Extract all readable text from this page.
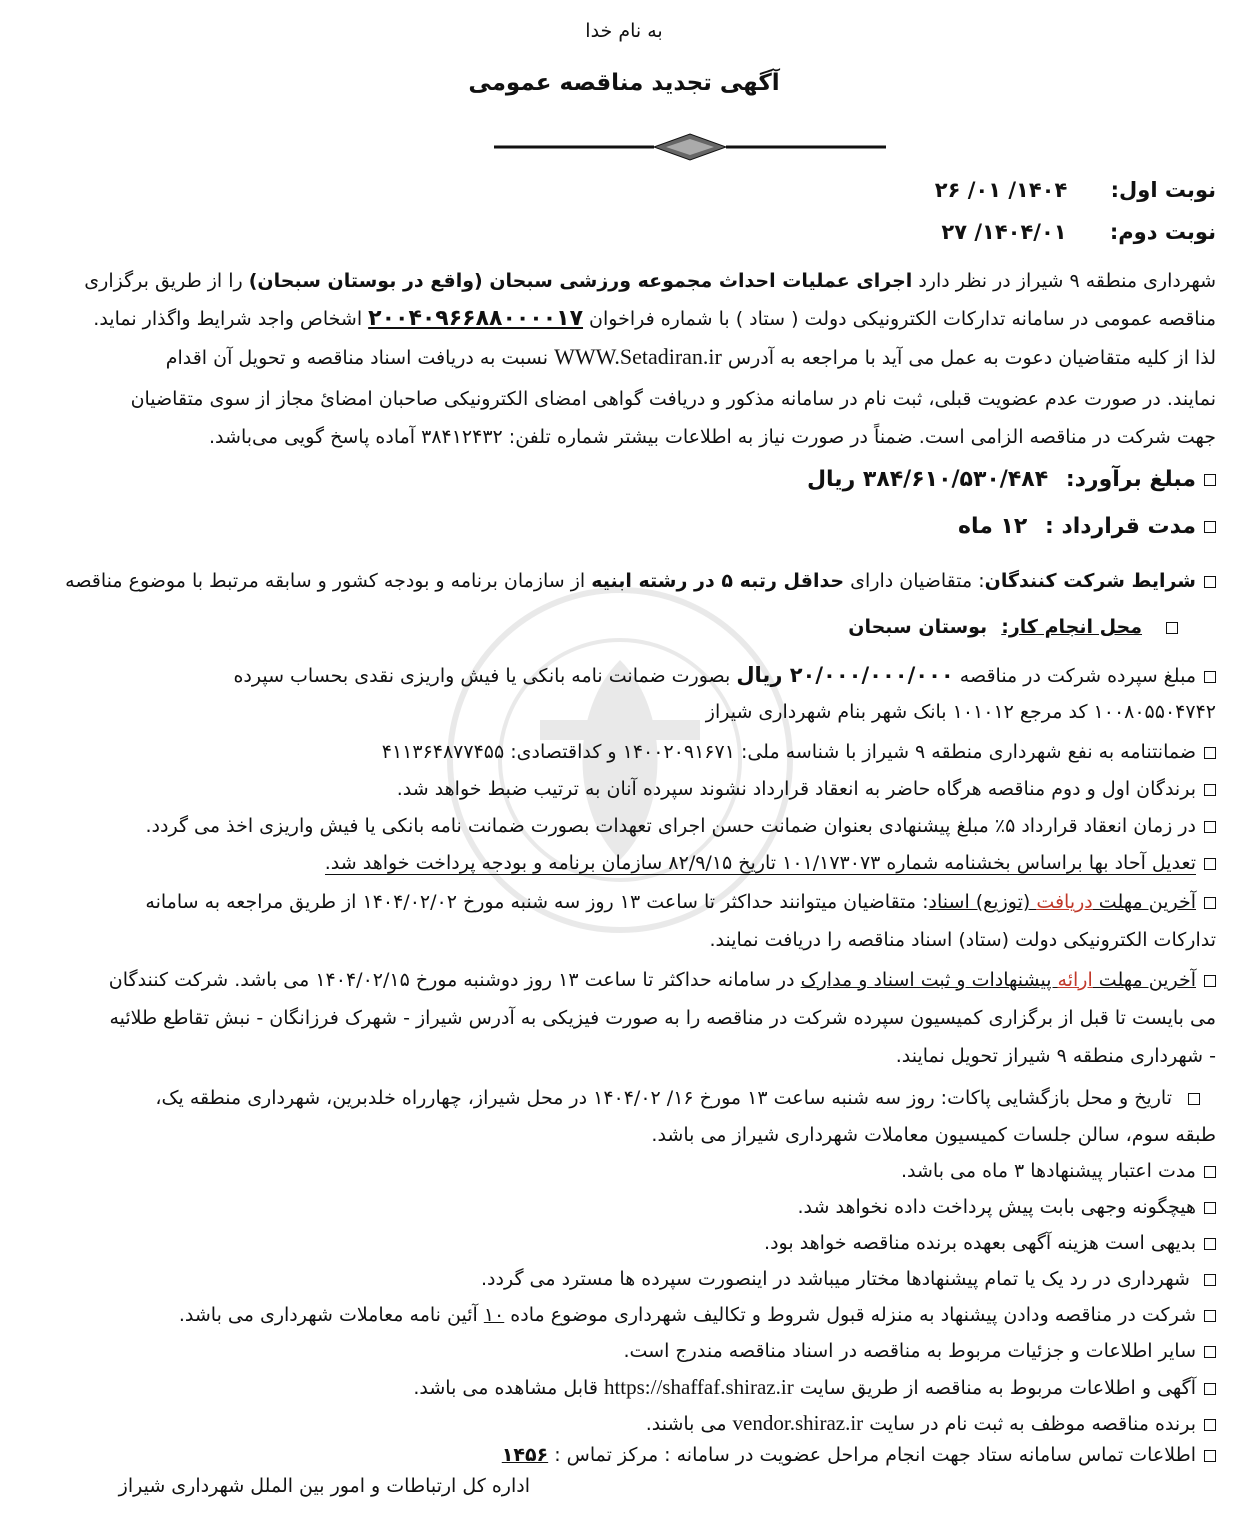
به نام خدا
آگهی تجدید مناقصه عمومی
نوبت اول: ۱۴۰۴/ ۰۱/ ۲۶
نوبت دوم: ۱۴۰۴/۰۱/ ۲۷
شهرداری منطقه ۹ شیراز در نظر دارد اجرای عملیات احداث مجموعه ورزشی سبحان (واقع در بوستان سبحان) را از طریق برگزاری
مناقصه عمومی در سامانه تدارکات الکترونیکی دولت ( ستاد ) با شماره فراخوان ۲۰۰۴۰۹۶۶۸۸۰۰۰۰۱۷ اشخاص واجد شرایط واگذار نماید.
لذا از کلیه متقاضیان دعوت به عمل می آید با مراجعه به آدرس WWW.Setadiran.ir نسبت به دریافت اسناد مناقصه و تحویل آن اقدام
نمایند. در صورت عدم عضویت قبلی، ثبت نام در سامانه مذکور و دریافت گواهی امضای الکترونیکی صاحبان امضائ مجاز از سوی متقاضیان
جهت شرکت در مناقصه الزامی است. ضمناً در صورت نیاز به اطلاعات بیشتر شماره تلفن: ۳۸۴۱۲۴۳۲ آماده پاسخ گویی می‌باشد.
مبلغ برآورد: ۳۸۴/۶۱۰/۵۳۰/۴۸۴ ریال
مدت قرارداد : ۱۲ ماه
شرایط شرکت کنندگان: متقاضیان دارای حداقل رتبه ۵ در رشته ابنیه از سازمان برنامه و بودجه کشور و سابقه مرتبط با موضوع مناقصه
محل انجام کار: بوستان سبحان
مبلغ سپرده شرکت در مناقصه ۲۰/۰۰۰/۰۰۰/۰۰۰ ریال بصورت ضمانت نامه بانکی یا فیش واریزی نقدی بحساب سپرده
۱۰۰۸۰۵۵۰۴۷۴۲ کد مرجع ۱۰۱۰۱۲ بانک شهر بنام شهرداری شیراز
ضمانتنامه به نفع شهرداری منطقه ۹ شیراز با شناسه ملی: ۱۴۰۰۲۰۹۱۶۷۱ و کداقتصادی: ۴۱۱۳۶۴۸۷۷۴۵۵
برندگان اول و دوم مناقصه هرگاه حاضر به انعقاد قرارداد نشوند سپرده آنان به ترتیب ضبط خواهد شد.
در زمان انعقاد قرارداد ۵٪ مبلغ پیشنهادی بعنوان ضمانت حسن اجرای تعهدات بصورت ضمانت نامه بانکی یا فیش واریزی اخذ می گردد.
تعدیل آحاد بها براساس بخشنامه شماره ۱۰۱/۱۷۳۰۷۳ تاریخ ۸۲/۹/۱۵ سازمان برنامه و بودجه پرداخت خواهد شد.
آخرین مهلت دریافت (توزیع) اسناد: متقاضیان میتوانند حداکثر تا ساعت ۱۳ روز سه شنبه مورخ ۱۴۰۴/۰۲/۰۲ از طریق مراجعه به سامانه
تدارکات الکترونیکی دولت (ستاد) اسناد مناقصه را دریافت نمایند.
آخرین مهلت ارائه پیشنهادات و ثبت اسناد و مدارک در سامانه حداکثر تا ساعت ۱۳ روز دوشنبه مورخ ۱۴۰۴/۰۲/۱۵ می باشد. شرکت کنندگان
می بایست تا قبل از برگزاری کمیسیون سپرده شرکت در مناقصه را به صورت فیزیکی به آدرس شیراز - شهرک فرزانگان - نبش تقاطع طلائیه
- شهرداری منطقه ۹ شیراز تحویل نمایند.
تاریخ و محل بازگشایی پاکات: روز سه شنبه ساعت ۱۳ مورخ ۱۶/ ۱۴۰۴/۰۲ در محل شیراز، چهارراه خلدبرین، شهرداری منطقه یک،
طبقه سوم، سالن جلسات کمیسیون معاملات شهرداری شیراز می باشد.
مدت اعتبار پیشنهادها ۳ ماه می باشد.
هیچگونه وجهی بابت پیش پرداخت داده نخواهد شد.
بدیهی است هزینه آگهی بعهده برنده مناقصه خواهد بود.
شهرداری در رد یک یا تمام پیشنهادها مختار میباشد در اینصورت سپرده ها مسترد می گردد.
شرکت در مناقصه ودادن پیشنهاد به منزله قبول شروط و تکالیف شهرداری موضوع ماده ۱۰ آئین نامه معاملات شهرداری می باشد.
سایر اطلاعات و جزئیات مربوط به مناقصه در اسناد مناقصه مندرج است.
آگهی و اطلاعات مربوط به مناقصه از طریق سایت https://shaffaf.shiraz.ir قابل مشاهده می باشد.
برنده مناقصه موظف به ثبت نام در سایت vendor.shiraz.ir می باشند.
اطلاعات تماس سامانه ستاد جهت انجام مراحل عضویت در سامانه : مرکز تماس : ۱۴۵۶
اداره کل ارتباطات و امور بین الملل شهرداری شیراز
